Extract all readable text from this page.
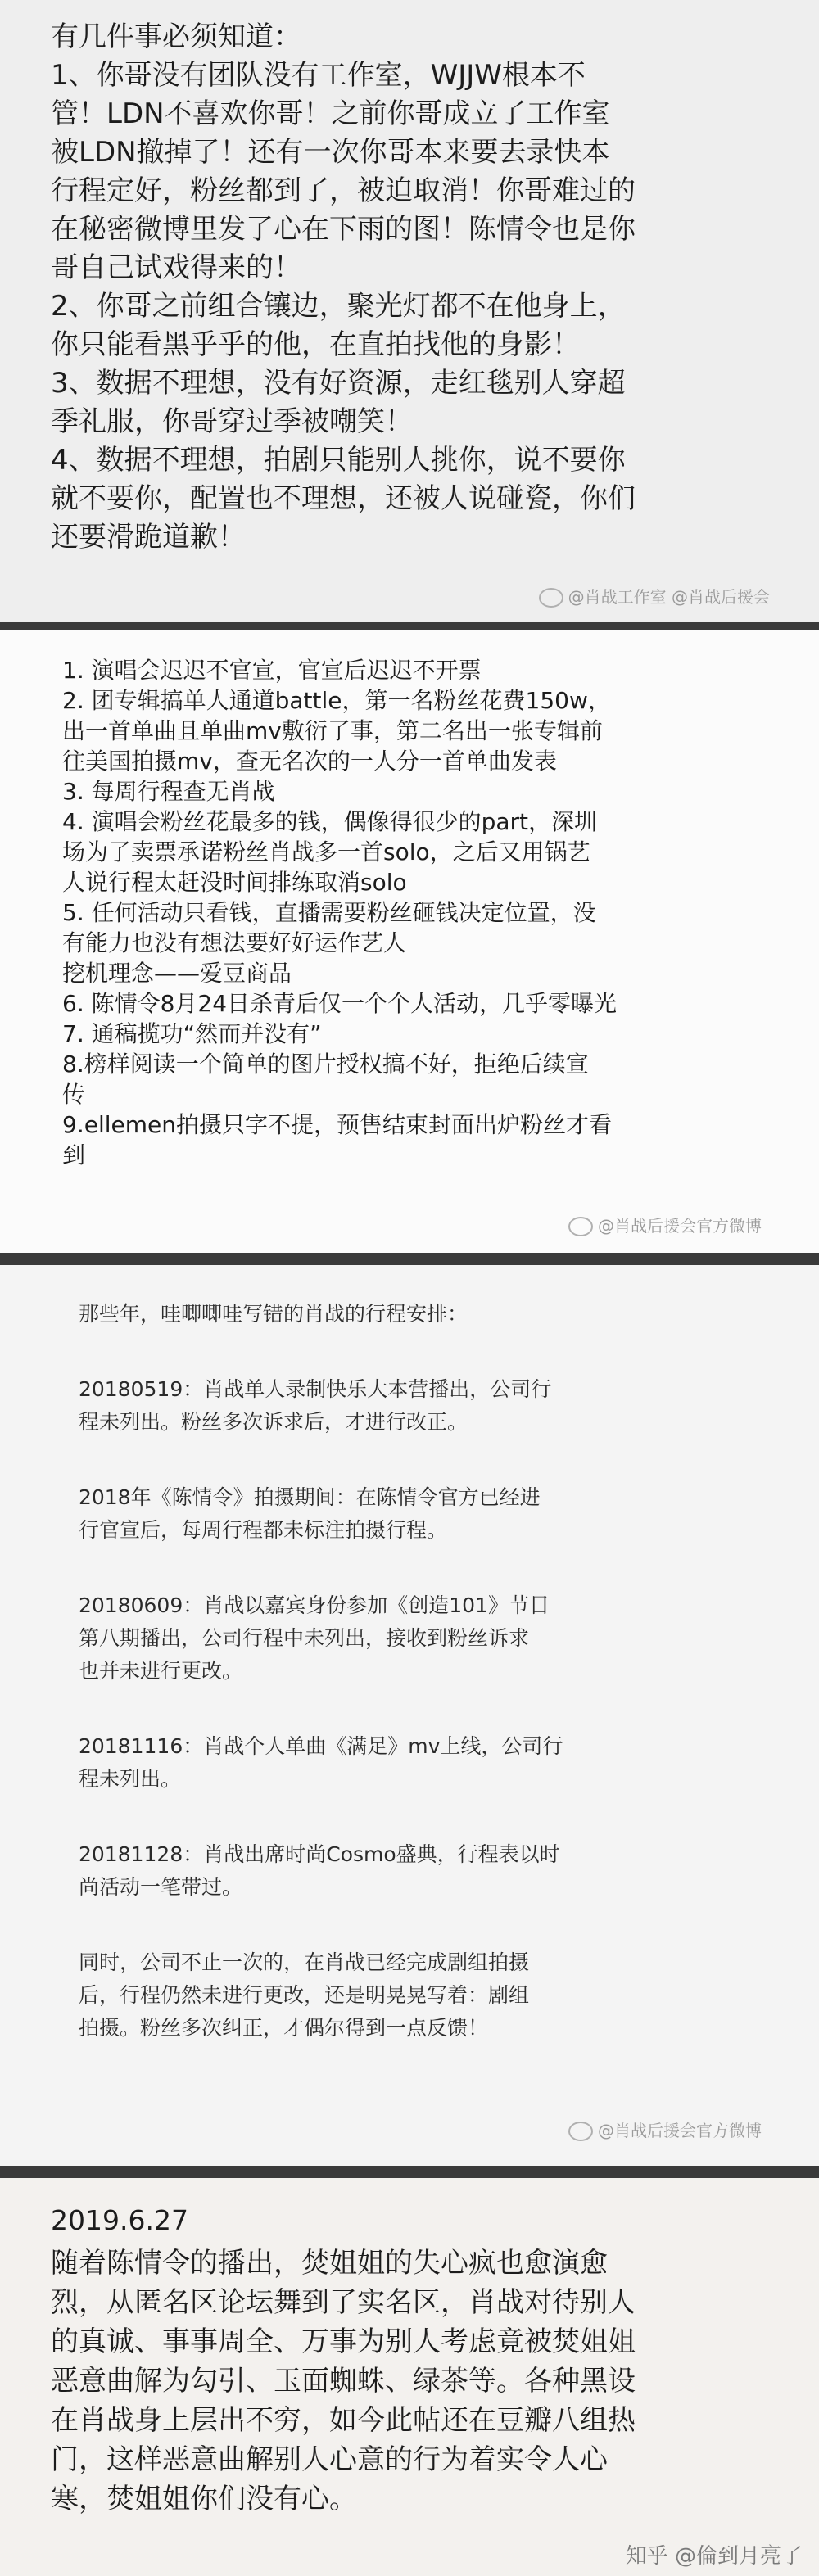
有几件事必须知道：
1、你哥没有团队没有工作室，WJJW根本不
管！LDN不喜欢你哥！之前你哥成立了工作室
被LDN撤掉了！还有一次你哥本来要去录快本
行程定好，粉丝都到了，被迫取消！你哥难过的
在秘密微博里发了心在下雨的图！陈情令也是你
哥自己试戏得来的！
2、你哥之前组合镶边，聚光灯都不在他身上，
你只能看黑乎乎的他，在直拍找他的身影！
3、数据不理想，没有好资源，走红毯别人穿超
季礼服，你哥穿过季被嘲笑！
4、数据不理想，拍剧只能别人挑你，说不要你
就不要你，配置也不理想，还被人说碰瓷，你们
还要滑跪道歉！
@肖战工作室 @肖战后援会
1. 演唱会迟迟不官宣，官宣后迟迟不开票
2. 团专辑搞单人通道battle，第一名粉丝花费150w，
出一首单曲且单曲mv敷衍了事，第二名出一张专辑前
往美国拍摄mv，查无名次的一人分一首单曲发表
3. 每周行程查无肖战
4. 演唱会粉丝花最多的钱，偶像得很少的part，深圳
场为了卖票承诺粉丝肖战多一首solo，之后又用锅艺
人说行程太赶没时间排练取消solo
5. 任何活动只看钱，直播需要粉丝砸钱决定位置，没
有能力也没有想法要好好运作艺人
挖机理念——爱豆商品
6. 陈情令8月24日杀青后仅一个个人活动，几乎零曝光
7. 通稿揽功“然而并没有”
8.榜样阅读一个简单的图片授权搞不好，拒绝后续宣
传
9.ellemen拍摄只字不提，预售结束封面出炉粉丝才看
到
@肖战后援会官方微博
那些年，哇唧唧哇写错的肖战的行程安排：
20180519：肖战单人录制快乐大本营播出，公司行
程未列出。粉丝多次诉求后，才进行改正。
2018年《陈情令》拍摄期间：在陈情令官方已经进
行官宣后，每周行程都未标注拍摄行程。
20180609：肖战以嘉宾身份参加《创造101》节目
第八期播出，公司行程中未列出，接收到粉丝诉求
也并未进行更改。
20181116：肖战个人单曲《满足》mv上线，公司行
程未列出。
20181128：肖战出席时尚Cosmo盛典，行程表以时
尚活动一笔带过。
同时，公司不止一次的，在肖战已经完成剧组拍摄
后，行程仍然未进行更改，还是明晃晃写着：剧组
拍摄。粉丝多次纠正，才偶尔得到一点反馈！
@肖战后援会官方微博
2019.6.27
随着陈情令的播出，焚姐姐的失心疯也愈演愈
烈，从匿名区论坛舞到了实名区，肖战对待别人
的真诚、事事周全、万事为别人考虑竟被焚姐姐
恶意曲解为勾引、玉面蜘蛛、绿茶等。各种黑设
在肖战身上层出不穷，如今此帖还在豆瓣八组热
门，这样恶意曲解别人心意的行为着实令人心
寒，焚姐姐你们没有心。
知乎 @倫到月亮了
